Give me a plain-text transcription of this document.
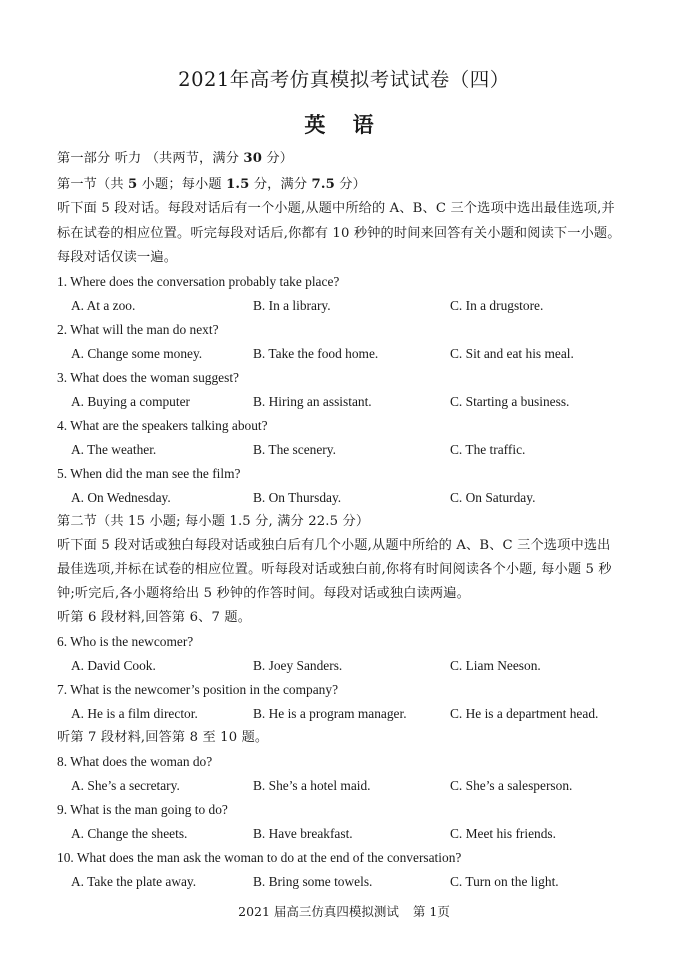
2021年高考仿真模拟考试试卷（四）
英 语
第一部分 听力 （共两节，满分 30 分）
第一节（共 5 小题；每小题 1.5 分，满分 7.5 分）
听下面 5 段对话。每段对话后有一个小题,从题中所给的 A、B、C 三个选项中选出最佳选项,并
标在试卷的相应位置。听完每段对话后,你都有 10 秒钟的时间来回答有关小题和阅读下一小题。
每段对话仅读一遍。
1. Where does the conversation probably take place?
A. At a zoo.	B. In a library.	C. In a drugstore.
2. What will the man do next?
A. Change some money.	B. Take the food home.	C. Sit and eat his meal.
3. What does the woman suggest?
A. Buying a computer	B. Hiring an assistant.	C. Starting a business.
4. What are the speakers talking about?
A. The weather.	B. The scenery.	C. The traffic.
5. When did the man see the film?
A. On Wednesday.	B. On Thursday.	C. On Saturday.
第二节（共 15 小题; 每小题 1.5 分, 满分 22.5 分）
听下面 5 段对话或独白每段对话或独白后有几个小题,从题中所给的 A、B、C 三个选项中选出
最佳选项,并标在试卷的相应位置。听每段对话或独白前,你将有时间阅读各个小题, 每小题 5 秒
钟;听完后,各小题将给出 5 秒钟的作答时间。每段对话或独白读两遍。
听第 6 段材料,回答第 6、7 题。
6. Who is the newcomer?
A. David Cook.	B. Joey Sanders.	C. Liam Neeson.
7. What is the newcomer’s position in the company?
A. He is a film director.	B. He is a program manager.	C. He is a department head.
听第 7 段材料,回答第 8 至 10 题。
8. What does the woman do?
A. She’s a secretary.	B. She’s a hotel maid.	C. She’s a salesperson.
9. What is the man going to do?
A. Change the sheets.	B. Have breakfast.	C. Meet his friends.
10. What does the man ask the woman to do at the end of the conversation?
A. Take the plate away.	B. Bring some towels.	C. Turn on the light.
2021 届高三仿真四模拟测试 第 1页
